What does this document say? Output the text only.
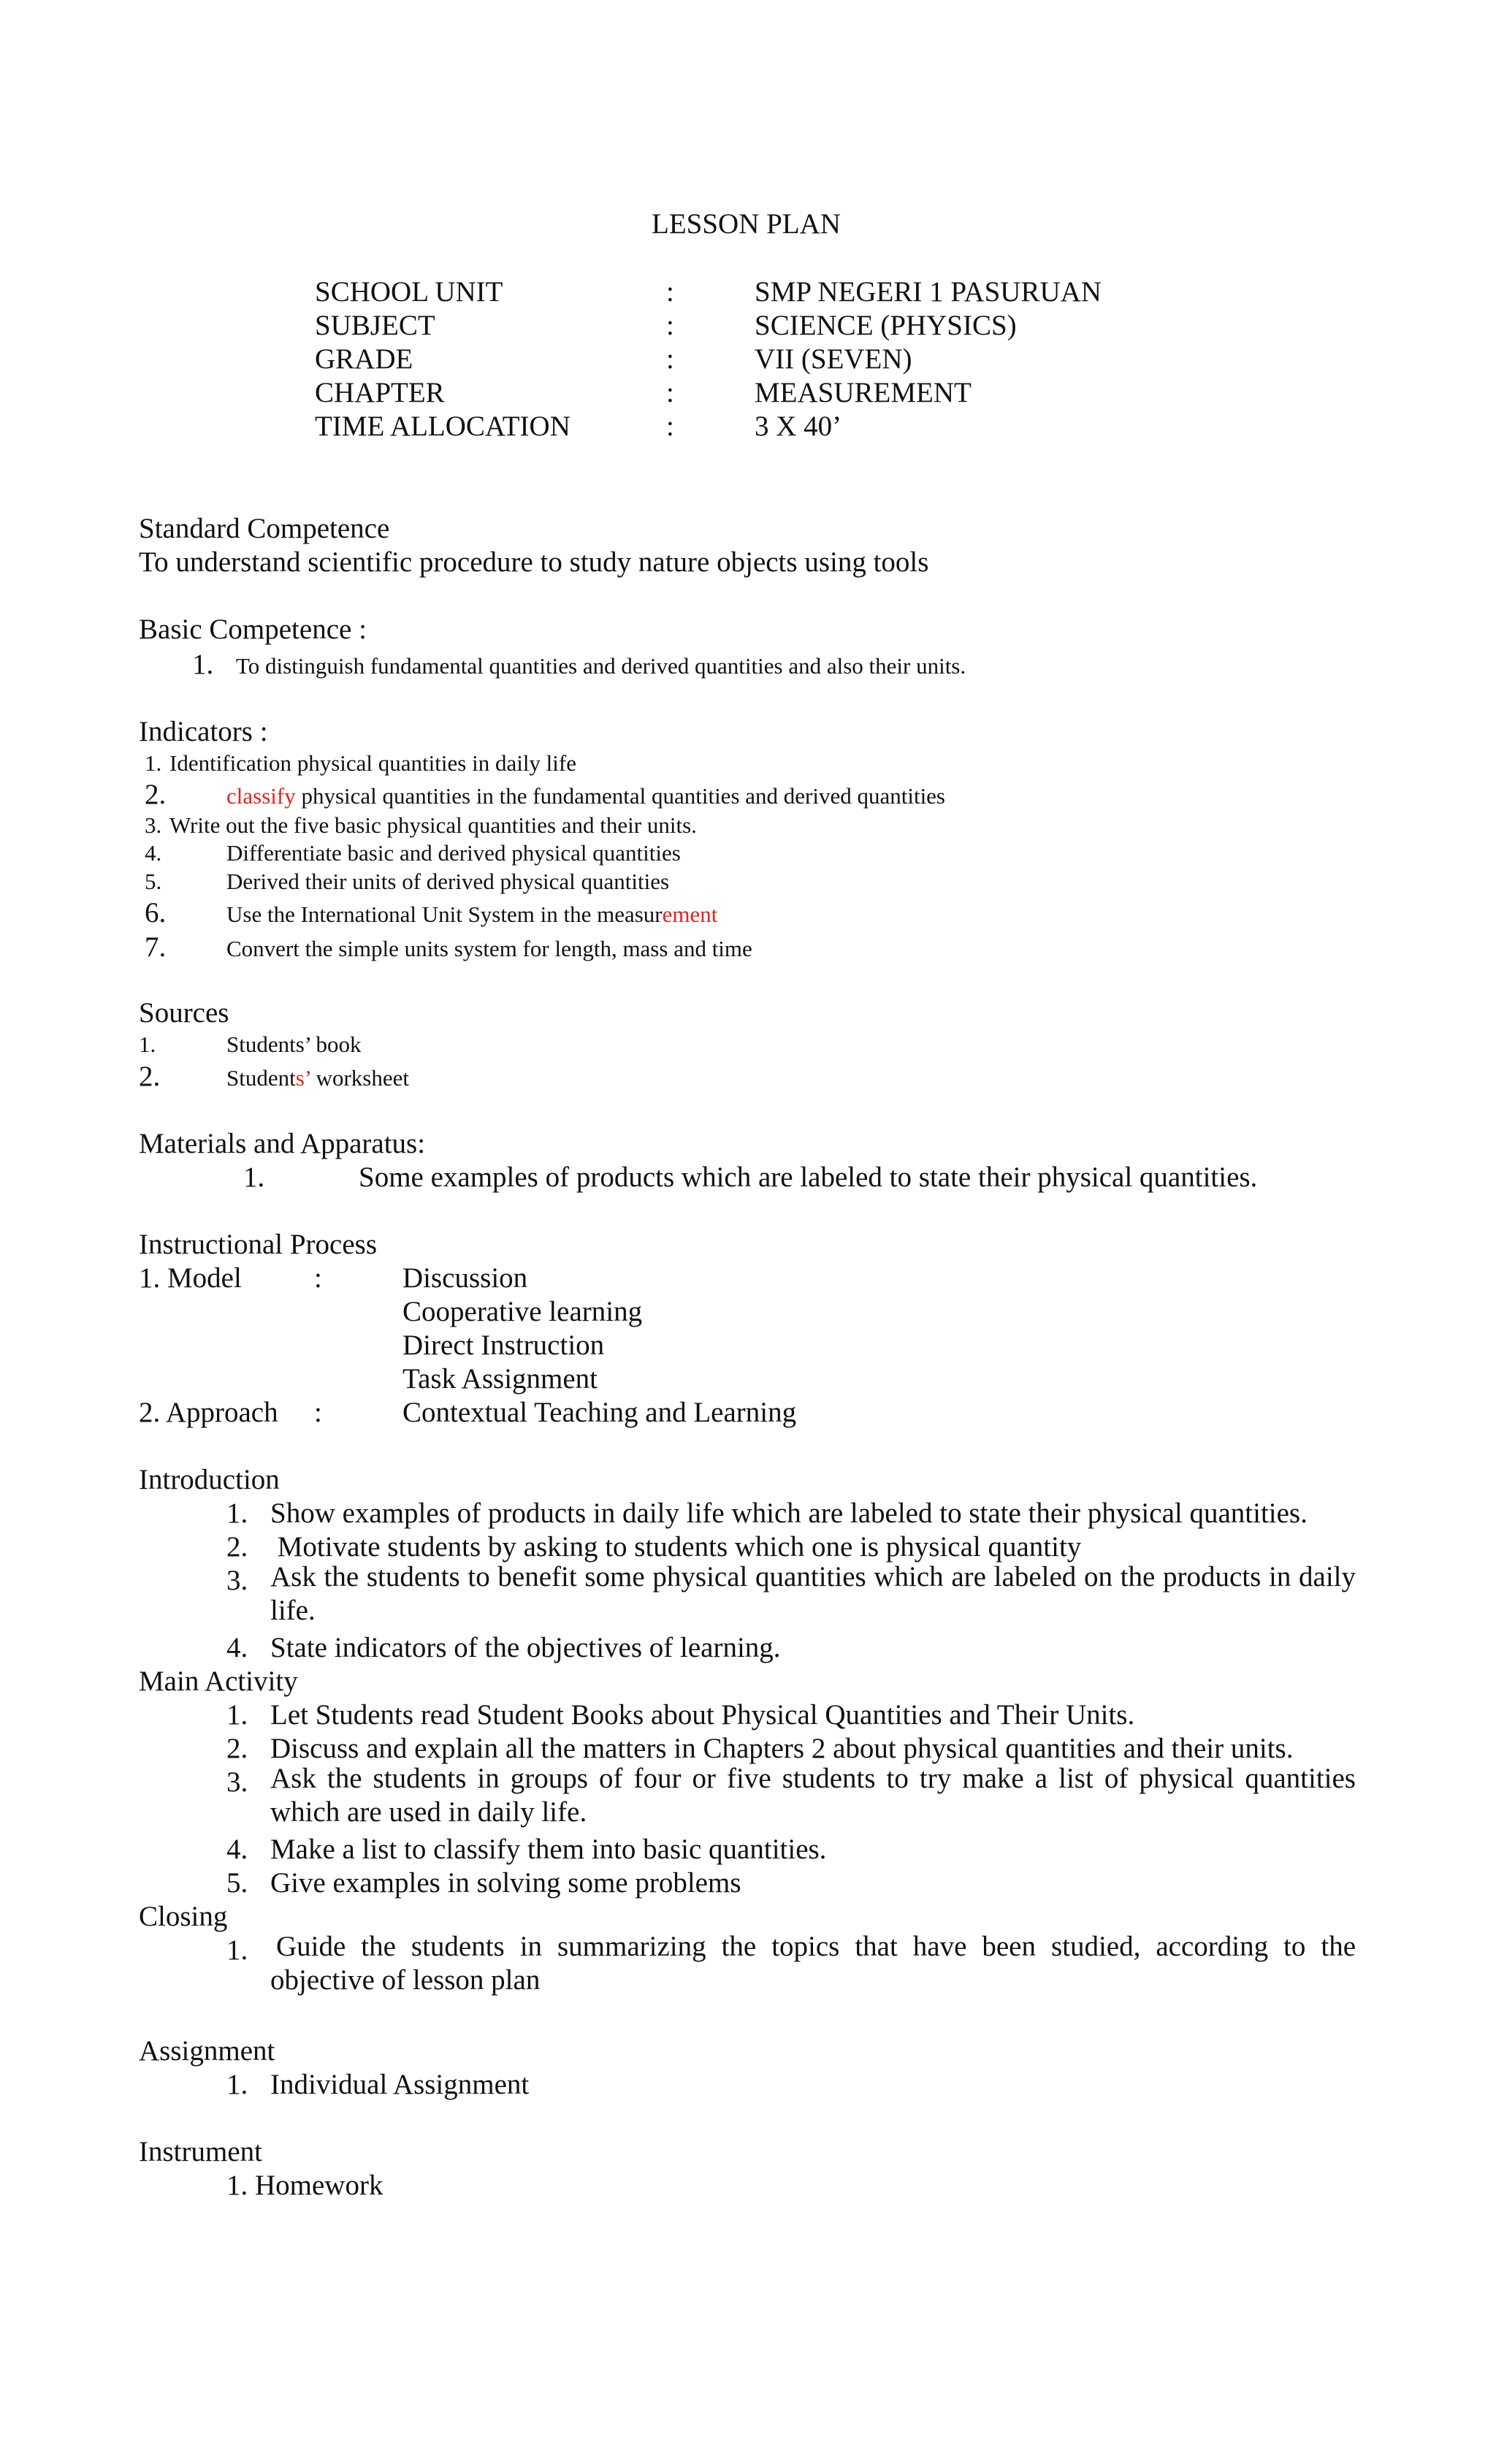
LESSON PLAN
SCHOOL UNIT	:	SMP NEGERI 1 PASURUAN
SUBJECT	:	SCIENCE (PHYSICS)
GRADE	:	VII (SEVEN)
CHAPTER	:	MEASUREMENT
TIME ALLOCATION	:	3 X 40’
Standard Competence
To understand scientific procedure to study nature objects using tools
Basic Competence :
1. To distinguish fundamental quantities and derived quantities and also their units.
Indicators :
1. Identification physical quantities in daily life
2.	classify physical quantities in the fundamental quantities and derived quantities
3. Write out the five basic physical quantities and their units.
4.	Differentiate basic and derived physical quantities
5.	Derived their units of derived physical quantities
6.	Use the International Unit System in the measurement
7.	Convert the simple units system for length, mass and time
Sources
1.	Students’ book
2.	Students’ worksheet
Materials and Apparatus:
1.	Some examples of products which are labeled to state their physical quantities.
Instructional Process
1. Model	:	Discussion
Cooperative learning
Direct Instruction
Task Assignment
2. Approach :	Contextual Teaching and Learning
Introduction
1. Show examples of products in daily life which are labeled to state their physical quantities.
2. Motivate students by asking to students which one is physical quantity
3. Ask the students to benefit some physical quantities which are labeled on the products in daily life.
4. State indicators of the objectives of learning.
Main Activity
1. Let Students read Student Books about Physical Quantities and Their Units.
2. Discuss and explain all the matters in Chapters 2 about physical quantities and their units.
3. Ask the students in groups of four or five students to try make a list of physical quantities which are used in daily life.
4. Make a list to classify them into basic quantities.
5. Give examples in solving some problems
Closing
1. Guide the students in summarizing the topics that have been studied, according to the objective of lesson plan
Assignment
1. Individual Assignment
Instrument
1. Homework
